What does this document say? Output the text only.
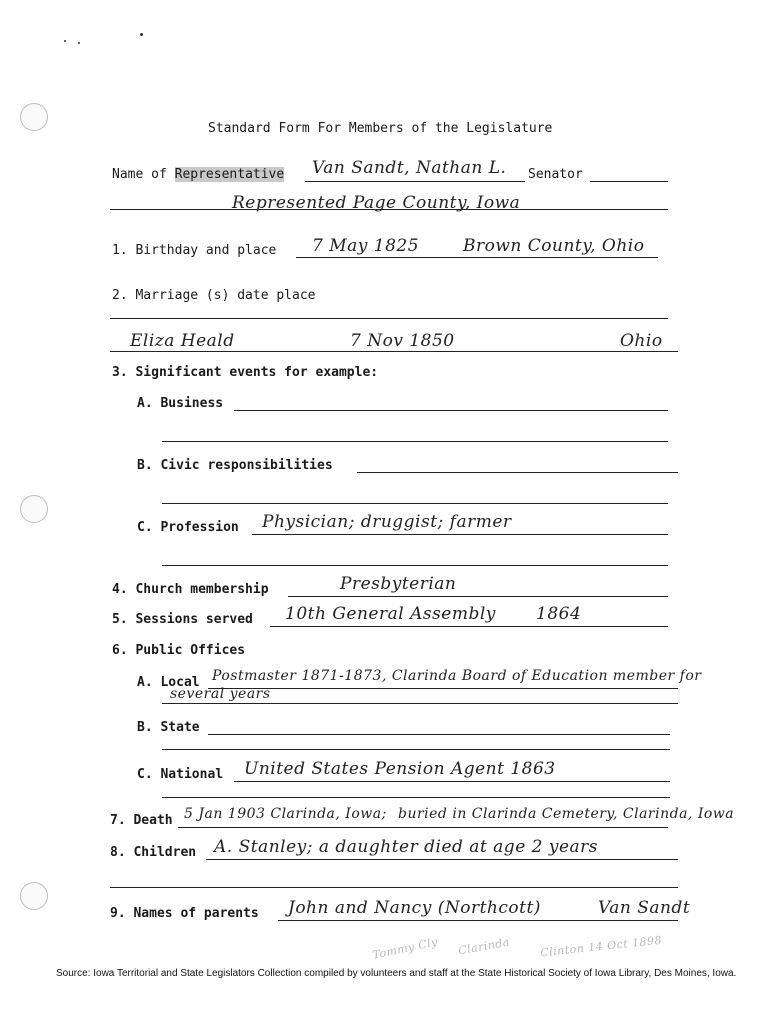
Standard Form For Members of the Legislature
Name of Representative Van Sandt, Nathan L. Senator
Represented Page County, Iowa
1. Birthday and place 7 May 1825	Brown County, Ohio
2. Marriage (s) date place
Eliza Heald	7 Nov 1850	Ohio
3. Significant events for example:
A. Business
B. Civic responsibilities
C. Profession Physician; druggist; farmer
4. Church membership	Presbyterian
5. Sessions served 10th General Assembly 1864
6. Public Offices
A. Local Postmaster 1871-1873, Clarinda Board of Education member for
several years
B. State
C. National United States Pension Agent 1863
7. Death 5 Jan 1903 Clarinda, Iowa; buried in Clarinda Cemetery, Clarinda, Iowa
8. Children A. Stanley; a daughter died at age 2 years
9. Names of parents John and Nancy (Northcott)	Van Sandt
Tommy Cly Clarinda	Clinton 14 Oct 1898
Source: Iowa Territorial and State Legislators Collection compiled by volunteers and staff at the State Historical Society of Iowa Library, Des Moines, Iowa.
